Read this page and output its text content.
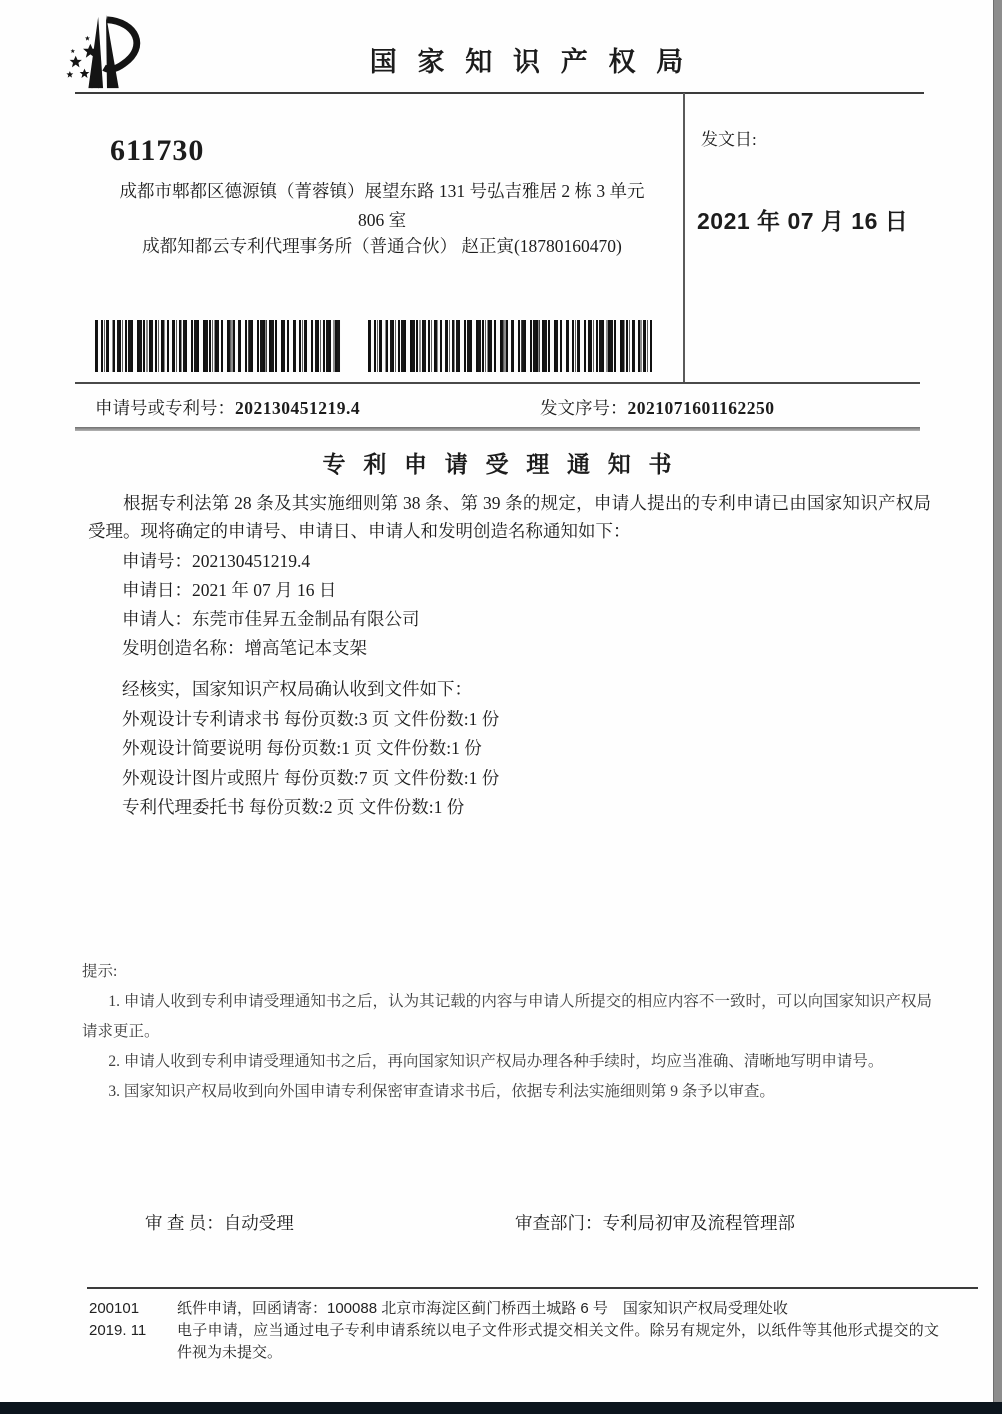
国 家 知 识 产 权 局
611730
成都市郫都区德源镇（菁蓉镇）展望东路 131 号弘吉雅居 2 栋 3 单元
806 室
成都知都云专利代理事务所（普通合伙） 赵正寅(18780160470)
发文日:
2021 年 07 月 16 日
申请号或专利号：202130451219.4	发文序号：2021071601162250
专 利 申 请 受 理 通 知 书
根据专利法第 28 条及其实施细则第 38 条、第 39 条的规定，申请人提出的专利申请已由国家知识产权局受理。现将确定的申请号、申请日、申请人和发明创造名称通知如下：
申请号：202130451219.4
申请日：2021 年 07 月 16 日
申请人：东莞市佳昇五金制品有限公司
发明创造名称：增高笔记本支架
经核实，国家知识产权局确认收到文件如下：
外观设计专利请求书 每份页数:3 页 文件份数:1 份
外观设计简要说明 每份页数:1 页 文件份数:1 份
外观设计图片或照片 每份页数:7 页 文件份数:1 份
专利代理委托书 每份页数:2 页 文件份数:1 份

提示:

1. 申请人收到专利申请受理通知书之后，认为其记载的内容与申请人所提交的相应内容不一致时，可以向国家知识产权局请求更正。

2. 申请人收到专利申请受理通知书之后，再向国家知识产权局办理各种手续时，均应当准确、清晰地写明申请号。

3. 国家知识产权局收到向外国申请专利保密审查请求书后，依据专利法实施细则第 9 条予以审查。

审 查 员：自动受理	审查部门：专利局初审及流程管理部
200101
2019. 11
纸件申请，回函请寄：100088 北京市海淀区蓟门桥西土城路 6 号　国家知识产权局受理处收
电子申请，应当通过电子专利申请系统以电子文件形式提交相关文件。除另有规定外，以纸件等其他形式提交的文件视为未提交。
